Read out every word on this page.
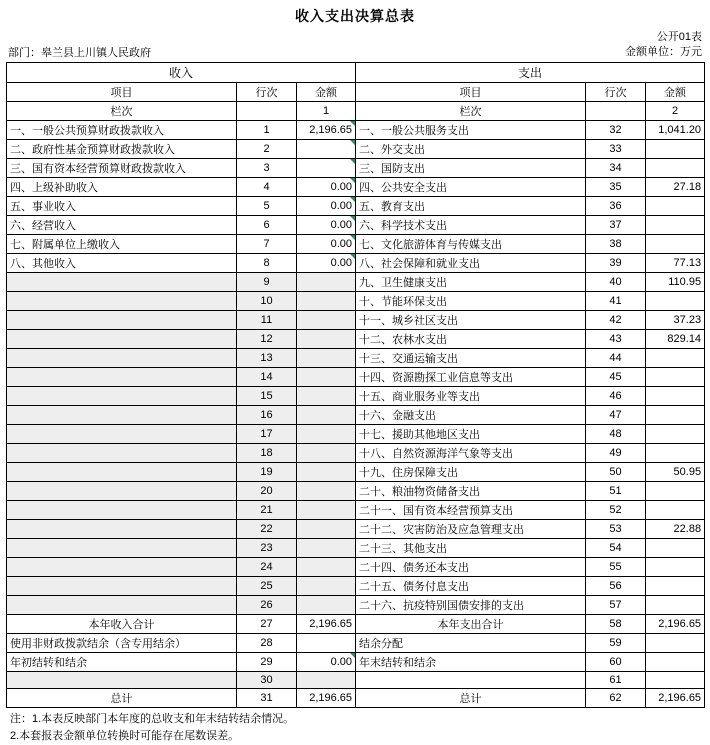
收入支出决算总表
部门：皋兰县上川镇人民政府
公开01表
金额单位：万元
收入			支出		
项目	行次	金额	项目	行次	金额
栏次		1	栏次		2
一、一般公共预算财政拨款收入	1	2,196.65	一、一般公共服务支出	32	1,041.20
二、政府性基金预算财政拨款收入	2		二、外交支出	33	
三、国有资本经营预算财政拨款收入	3		三、国防支出	34	
四、上级补助收入	4	0.00	四、公共安全支出	35	27.18
五、事业收入	5	0.00	五、教育支出	36	
六、经营收入	6	0.00	六、科学技术支出	37	
七、附属单位上缴收入	7	0.00	七、文化旅游体育与传媒支出	38	
八、其他收入	8	0.00	八、社会保障和就业支出	39	77.13
	9		九、卫生健康支出	40	110.95
	10		十、节能环保支出	41	
	11		十一、城乡社区支出	42	37.23
	12		十二、农林水支出	43	829.14
	13		十三、交通运输支出	44	
	14		十四、资源勘探工业信息等支出	45	
	15		十五、商业服务业等支出	46	
	16		十六、金融支出	47	
	17		十七、援助其他地区支出	48	
	18		十八、自然资源海洋气象等支出	49	
	19		十九、住房保障支出	50	50.95
	20		二十、粮油物资储备支出	51	
	21		二十一、国有资本经营预算支出	52	
	22		二十二、灾害防治及应急管理支出	53	22.88
	23		二十三、其他支出	54	
	24		二十四、债务还本支出	55	
	25		二十五、债务付息支出	56	
	26		二十六、抗疫特别国债安排的支出	57	
本年收入合计	27	2,196.65	本年支出合计	58	2,196.65
使用非财政拨款结余（含专用结余）	28		结余分配	59	
年初结转和结余	29	0.00	年末结转和结余	60	
	30			61	
总计	31	2,196.65	总计	62	2,196.65
注：1.本表反映部门本年度的总收支和年末结转结余情况。
2.本套报表金额单位转换时可能存在尾数误差。
